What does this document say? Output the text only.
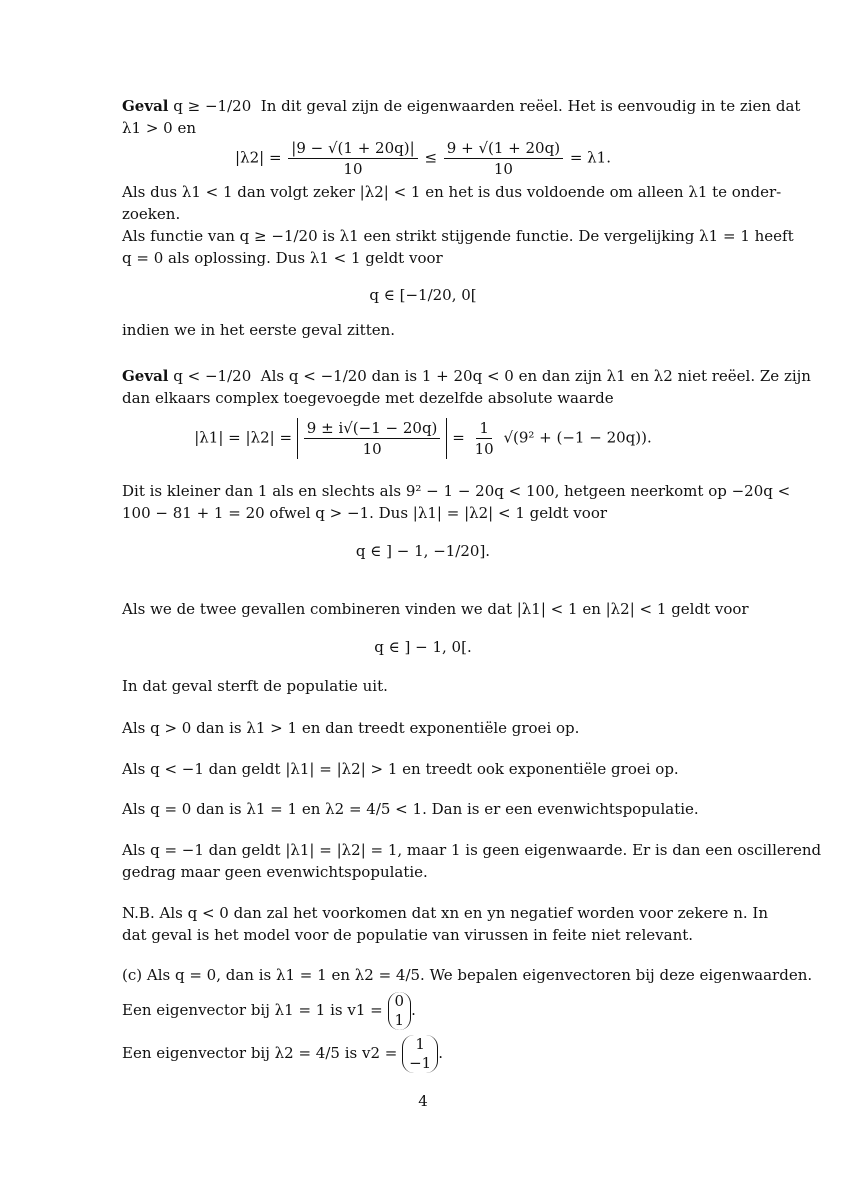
Geval q ≥ −1/20 In dit geval zijn de eigenwaarden reëel. Het is eenvoudig in te zien dat
λ1 > 0 en
$|\lambda 2| = \frac{|9 - √(1 + 20q)|}{10} \le \frac{9 + √(1 + 20q)}{10} = \lambda 1$.
Als dus λ1 < 1 dan volgt zeker |λ2| < 1 en het is dus voldoende om alleen λ1 te onder-
zoeken.
Als functie van q ≥ −1/20 is λ1 een strikt stijgende functie. De vergelijking λ1 = 1 heeft
q = 0 als oplossing. Dus λ1 < 1 geldt voor
q ∈ [−1/20, 0[
indien we in het eerste geval zitten.
Geval q < −1/20 Als q < −1/20 dan is 1 + 20q < 0 en dan zijn λ1 en λ2 niet reëel. Ze zijn
dan elkaars complex toegevoegde met dezelfde absolute waarde
$|\lambda 1| = |\lambda 2| = \frac{9 \pm i√(-1 - 20q)}{10} = \frac{1}{10} √(9^2 + (-1 - 20q))$.
Dit is kleiner dan 1 als en slechts als 9² − 1 − 20q < 100, hetgeen neerkomt op −20q <
100 − 81 + 1 = 20 ofwel q > −1. Dus |λ1| = |λ2| < 1 geldt voor
q ∈ ] − 1, −1/20].
Als we de twee gevallen combineren vinden we dat |λ1| < 1 en |λ2| < 1 geldt voor
q ∈ ] − 1, 0[.
In dat geval sterft de populatie uit.
Als q > 0 dan is λ1 > 1 en dan treedt exponentiële groei op.
Als q < −1 dan geldt |λ1| = |λ2| > 1 en treedt ook exponentiële groei op.
Als q = 0 dan is λ1 = 1 en λ2 = 4/5 < 1. Dan is er een evenwichtspopulatie.
Als q = −1 dan geldt |λ1| = |λ2| = 1, maar 1 is geen eigenwaarde. Er is dan een oscillerend
gedrag maar geen evenwichtspopulatie.
N.B. Als q < 0 dan zal het voorkomen dat xn en yn negatief worden voor zekere n. In
dat geval is het model voor de populatie van virussen in feite niet relevant.
(c) Als q = 0, dan is λ1 = 1 en λ2 = 4/5. We bepalen eigenvectoren bij deze eigenwaarden.
Een eigenvector bij λ1 = 1 is v1 = 0
1
.
Een eigenvector bij λ2 = 4/5 is v2 = 1
−1
.
4
